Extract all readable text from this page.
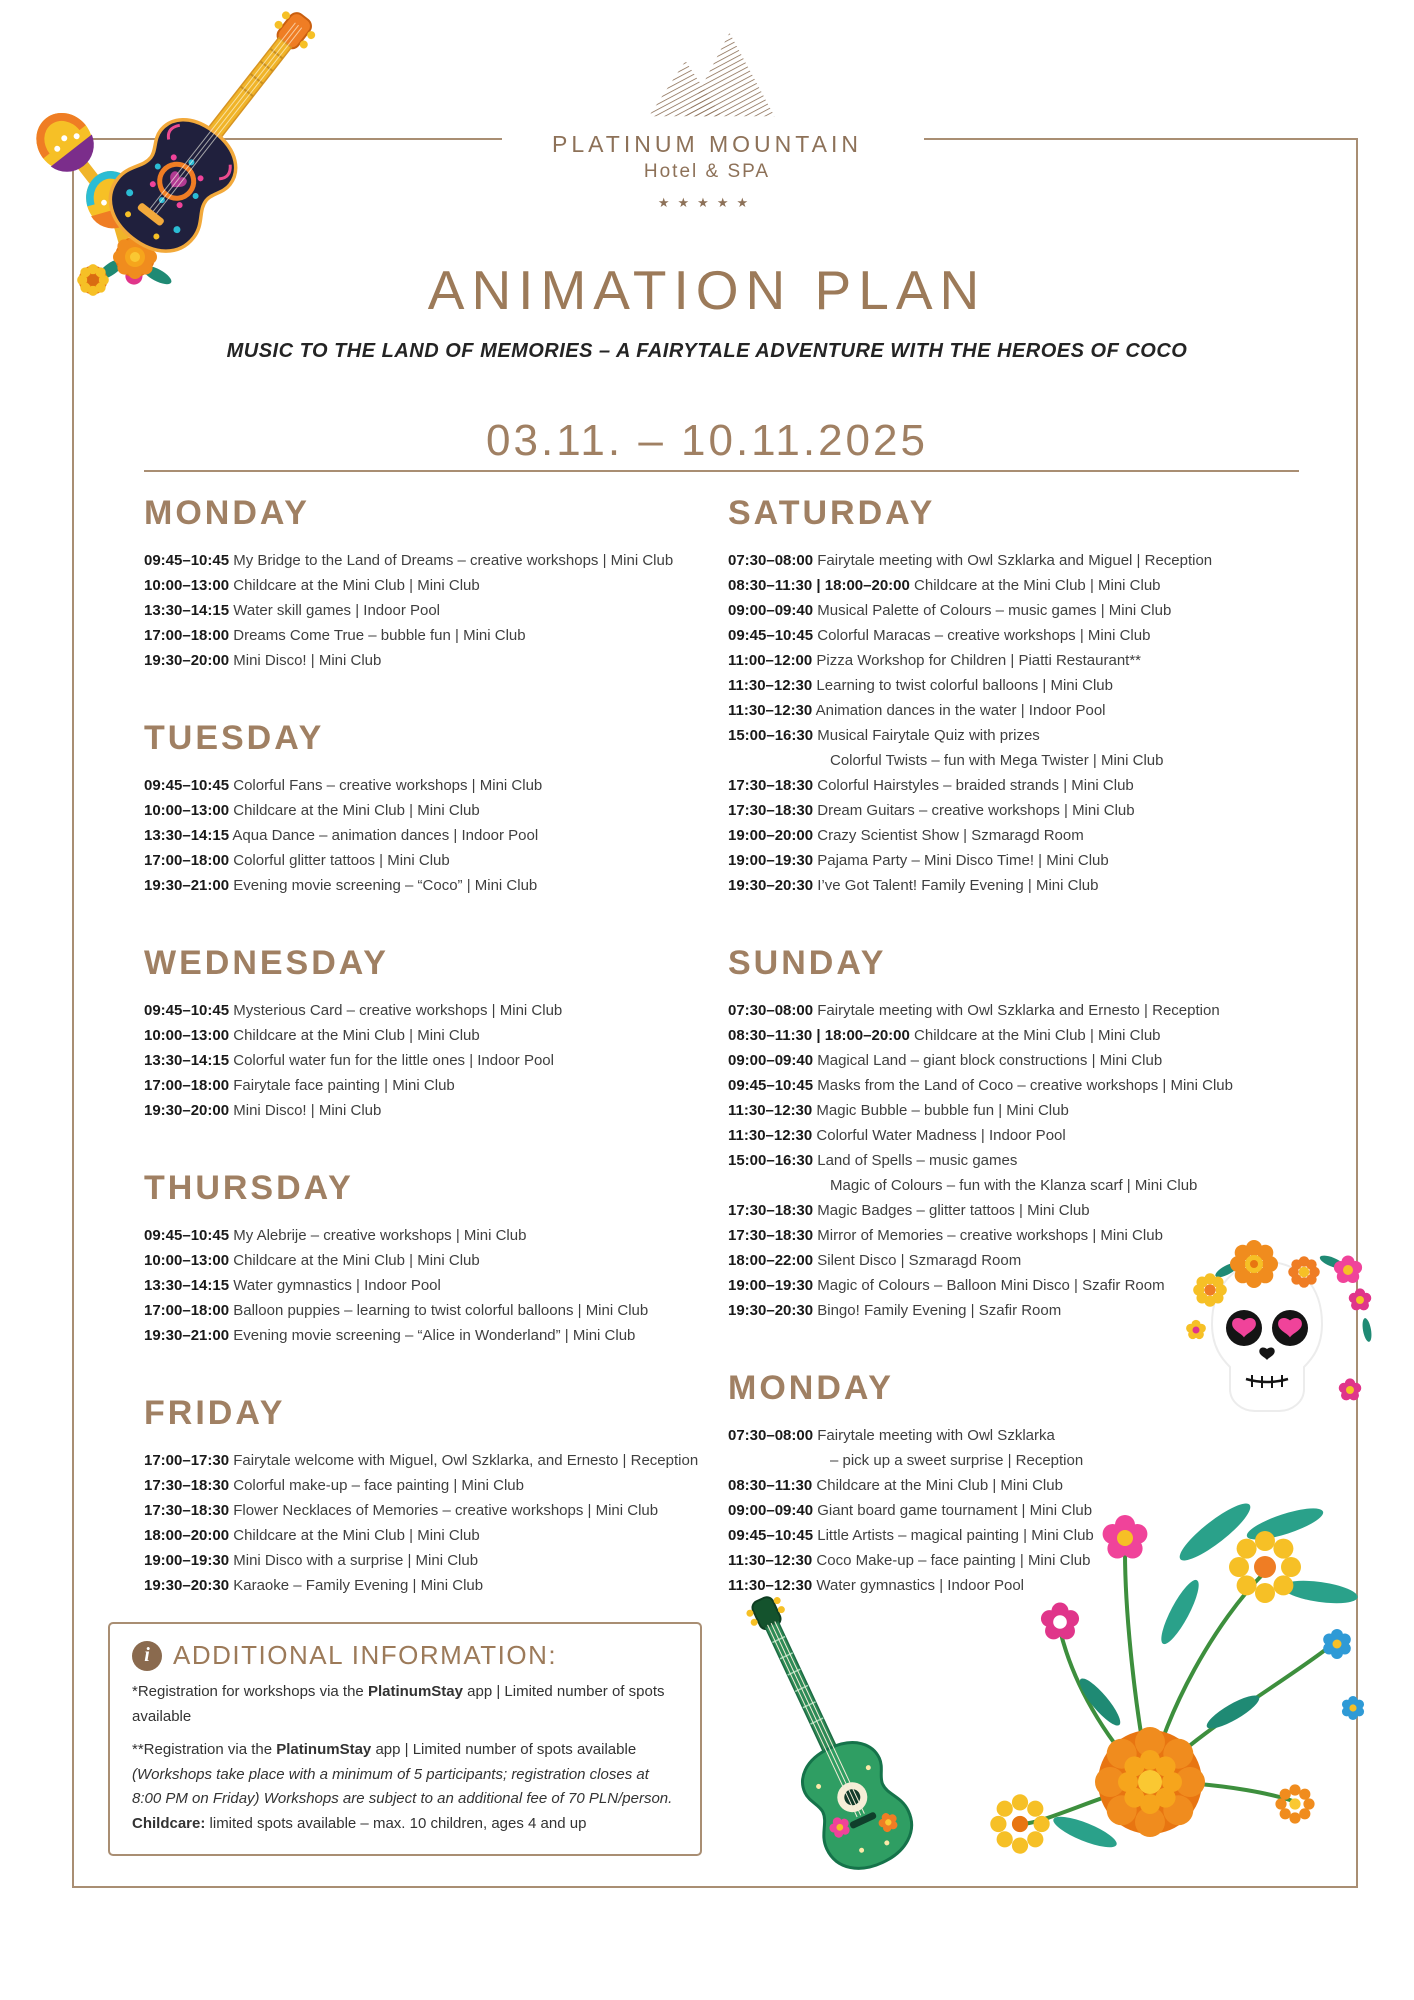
PLATINUM MOUNTAIN
Hotel & SPA
★★★★★
ANIMATION PLAN
MUSIC TO THE LAND OF MEMORIES – A FAIRYTALE ADVENTURE WITH THE HEROES OF COCO
03.11. – 10.11.2025
MONDAY
09:45–10:45 My Bridge to the Land of Dreams – creative workshops | Mini Club
10:00–13:00 Childcare at the Mini Club | Mini Club
13:30–14:15 Water skill games | Indoor Pool
17:00–18:00 Dreams Come True – bubble fun | Mini Club
19:30–20:00 Mini Disco! | Mini Club
TUESDAY
09:45–10:45 Colorful Fans – creative workshops | Mini Club
10:00–13:00 Childcare at the Mini Club | Mini Club
13:30–14:15 Aqua Dance – animation dances | Indoor Pool
17:00–18:00 Colorful glitter tattoos | Mini Club
19:30–21:00 Evening movie screening – “Coco” | Mini Club
WEDNESDAY
09:45–10:45 Mysterious Card – creative workshops | Mini Club
10:00–13:00 Childcare at the Mini Club | Mini Club
13:30–14:15 Colorful water fun for the little ones | Indoor Pool
17:00–18:00 Fairytale face painting | Mini Club
19:30–20:00 Mini Disco! | Mini Club
THURSDAY
09:45–10:45 My Alebrije – creative workshops | Mini Club
10:00–13:00 Childcare at the Mini Club | Mini Club
13:30–14:15 Water gymnastics | Indoor Pool
17:00–18:00 Balloon puppies – learning to twist colorful balloons | Mini Club
19:30–21:00 Evening movie screening – “Alice in Wonderland” | Mini Club
FRIDAY
17:00–17:30 Fairytale welcome with Miguel, Owl Szklarka, and Ernesto | Reception
17:30–18:30 Colorful make-up – face painting | Mini Club
17:30–18:30 Flower Necklaces of Memories – creative workshops | Mini Club
18:00–20:00 Childcare at the Mini Club | Mini Club
19:00–19:30 Mini Disco with a surprise | Mini Club
19:30–20:30 Karaoke – Family Evening | Mini Club
SATURDAY
07:30–08:00 Fairytale meeting with Owl Szklarka and Miguel | Reception
08:30–11:30 | 18:00–20:00 Childcare at the Mini Club | Mini Club
09:00–09:40 Musical Palette of Colours – music games | Mini Club
09:45–10:45 Colorful Maracas – creative workshops | Mini Club
11:00–12:00 Pizza Workshop for Children | Piatti Restaurant**
11:30–12:30 Learning to twist colorful balloons | Mini Club
11:30–12:30 Animation dances in the water | Indoor Pool
15:00–16:30 Musical Fairytale Quiz with prizes
Colorful Twists – fun with Mega Twister | Mini Club
17:30–18:30 Colorful Hairstyles – braided strands | Mini Club
17:30–18:30 Dream Guitars – creative workshops | Mini Club
19:00–20:00 Crazy Scientist Show | Szmaragd Room
19:00–19:30 Pajama Party – Mini Disco Time! | Mini Club
19:30–20:30 I’ve Got Talent! Family Evening | Mini Club
SUNDAY
07:30–08:00 Fairytale meeting with Owl Szklarka and Ernesto | Reception
08:30–11:30 | 18:00–20:00 Childcare at the Mini Club | Mini Club
09:00–09:40 Magical Land – giant block constructions | Mini Club
09:45–10:45 Masks from the Land of Coco – creative workshops | Mini Club
11:30–12:30 Magic Bubble – bubble fun | Mini Club
11:30–12:30 Colorful Water Madness | Indoor Pool
15:00–16:30 Land of Spells – music games
Magic of Colours – fun with the Klanza scarf | Mini Club
17:30–18:30 Magic Badges – glitter tattoos | Mini Club
17:30–18:30 Mirror of Memories – creative workshops | Mini Club
18:00–22:00 Silent Disco | Szmaragd Room
19:00–19:30 Magic of Colours – Balloon Mini Disco | Szafir Room
19:30–20:30 Bingo! Family Evening | Szafir Room
MONDAY
07:30–08:00 Fairytale meeting with Owl Szklarka
– pick up a sweet surprise | Reception
08:30–11:30 Childcare at the Mini Club | Mini Club
09:00–09:40 Giant board game tournament | Mini Club
09:45–10:45 Little Artists – magical painting | Mini Club
11:30–12:30 Coco Make-up – face painting | Mini Club
11:30–12:30 Water gymnastics | Indoor Pool
i ADDITIONAL INFORMATION:

*Registration for workshops via the PlatinumStay app | Limited number of spots available

**Registration via the PlatinumStay app | Limited number of spots available (Workshops take place with a minimum of 5 participants; registration closes at 8:00 PM on Friday) Workshops are subject to an additional fee of 70 PLN/person. Childcare: limited spots available – max. 10 children, ages 4 and up
